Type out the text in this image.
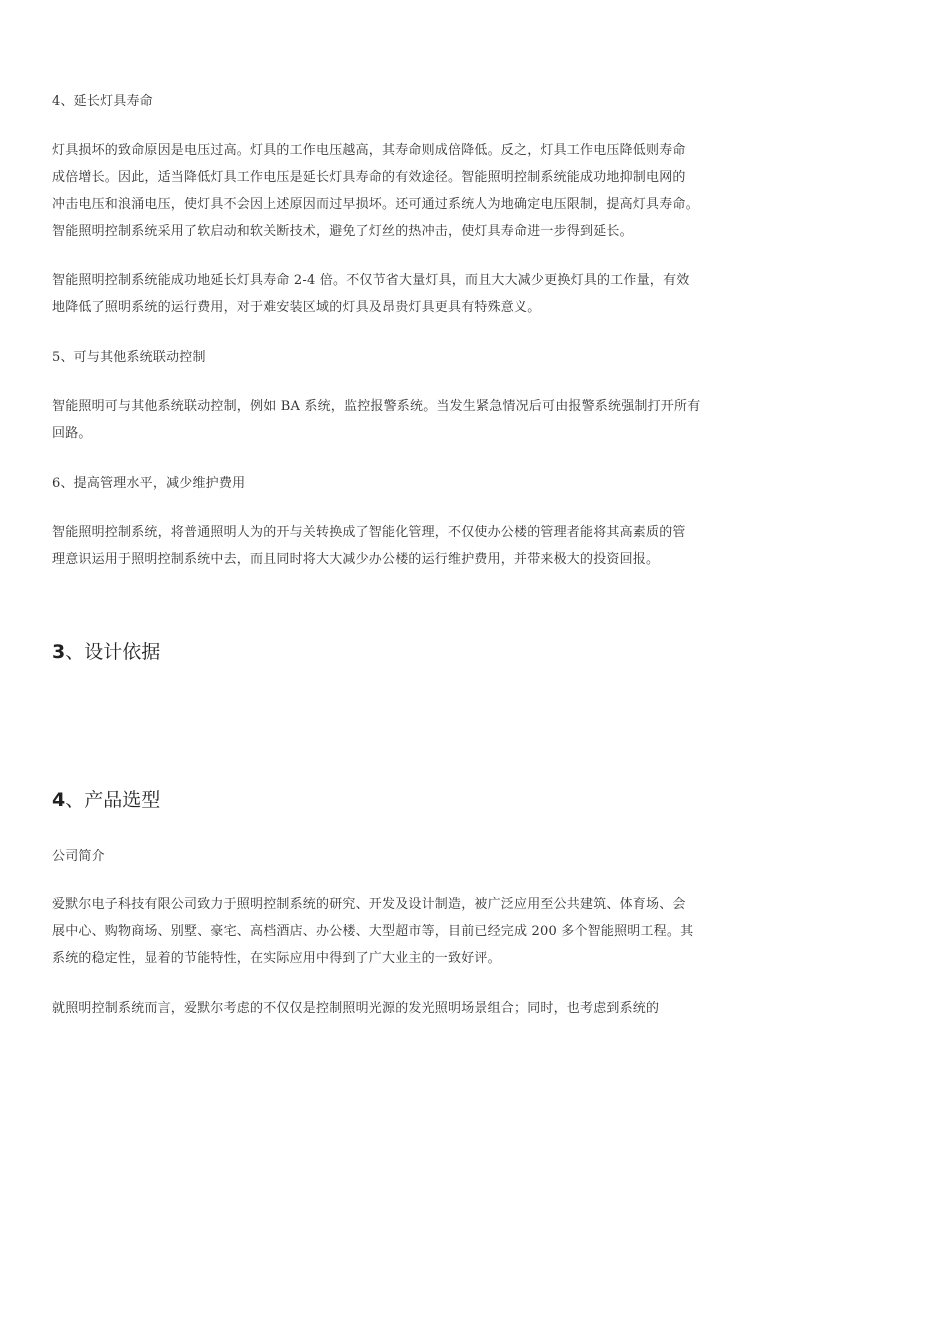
4、延长灯具寿命
灯具损坏的致命原因是电压过高。灯具的工作电压越高，其寿命则成倍降低。反之，灯具工作电压降低则寿命
成倍增长。因此，适当降低灯具工作电压是延长灯具寿命的有效途径。智能照明控制系统能成功地抑制电网的
冲击电压和浪涌电压，使灯具不会因上述原因而过早损坏。还可通过系统人为地确定电压限制，提高灯具寿命。
智能照明控制系统采用了软启动和软关断技术，避免了灯丝的热冲击，使灯具寿命进一步得到延长。
智能照明控制系统能成功地延长灯具寿命 2-4 倍。不仅节省大量灯具，而且大大减少更换灯具的工作量，有效
地降低了照明系统的运行费用，对于难安装区域的灯具及昂贵灯具更具有特殊意义。
5、可与其他系统联动控制
智能照明可与其他系统联动控制，例如 BA 系统，监控报警系统。当发生紧急情况后可由报警系统强制打开所有
回路。
6、提高管理水平，减少维护费用
智能照明控制系统，将普通照明人为的开与关转换成了智能化管理，不仅使办公楼的管理者能将其高素质的管
理意识运用于照明控制系统中去，而且同时将大大减少办公楼的运行维护费用，并带来极大的投资回报。
3、设计依据
4、产品选型
公司简介
爱默尔电子科技有限公司致力于照明控制系统的研究、开发及设计制造，被广泛应用至公共建筑、体育场、会
展中心、购物商场、别墅、豪宅、高档酒店、办公楼、大型超市等，目前已经完成 200 多个智能照明工程。其
系统的稳定性，显着的节能特性，在实际应用中得到了广大业主的一致好评。
就照明控制系统而言，爱默尔考虑的不仅仅是控制照明光源的发光照明场景组合；同时，也考虑到系统的
